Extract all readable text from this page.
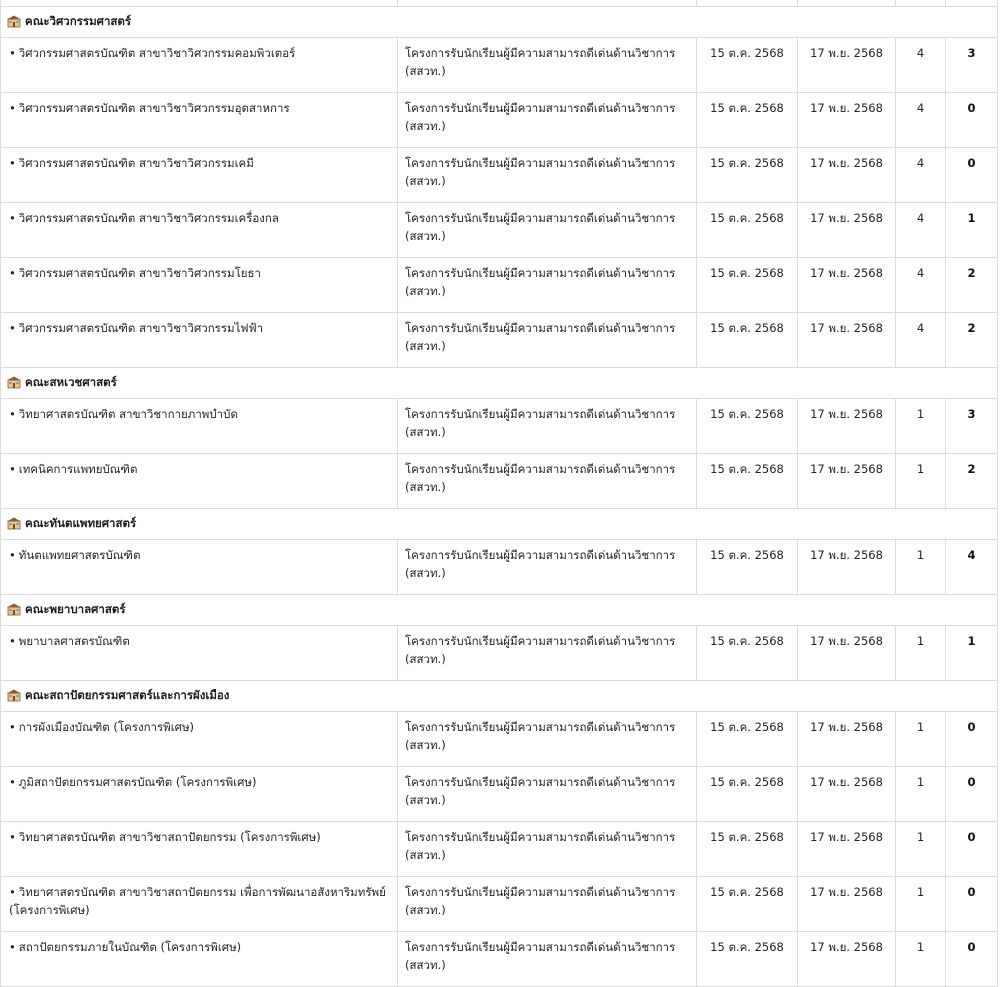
คณะวิศวกรรมศาสตร์					
• วิศวกรรมศาสตรบัณฑิต สาขาวิชาวิศวกรรมคอมพิวเตอร์	โครงการรับนักเรียนผู้มีความสามารถดีเด่นด้านวิชาการ (สสวท.)	15 ต.ค. 2568	17 พ.ย. 2568	4	3
• วิศวกรรมศาสตรบัณฑิต สาขาวิชาวิศวกรรมอุตสาหการ	โครงการรับนักเรียนผู้มีความสามารถดีเด่นด้านวิชาการ (สสวท.)	15 ต.ค. 2568	17 พ.ย. 2568	4	0
• วิศวกรรมศาสตรบัณฑิต สาขาวิชาวิศวกรรมเคมี	โครงการรับนักเรียนผู้มีความสามารถดีเด่นด้านวิชาการ (สสวท.)	15 ต.ค. 2568	17 พ.ย. 2568	4	0
• วิศวกรรมศาสตรบัณฑิต สาขาวิชาวิศวกรรมเครื่องกล	โครงการรับนักเรียนผู้มีความสามารถดีเด่นด้านวิชาการ (สสวท.)	15 ต.ค. 2568	17 พ.ย. 2568	4	1
• วิศวกรรมศาสตรบัณฑิต สาขาวิชาวิศวกรรมโยธา	โครงการรับนักเรียนผู้มีความสามารถดีเด่นด้านวิชาการ (สสวท.)	15 ต.ค. 2568	17 พ.ย. 2568	4	2
• วิศวกรรมศาสตรบัณฑิต สาขาวิชาวิศวกรรมไฟฟ้า	โครงการรับนักเรียนผู้มีความสามารถดีเด่นด้านวิชาการ (สสวท.)	15 ต.ค. 2568	17 พ.ย. 2568	4	2
คณะสหเวชศาสตร์					
• วิทยาศาสตรบัณฑิต สาขาวิชากายภาพบำบัด	โครงการรับนักเรียนผู้มีความสามารถดีเด่นด้านวิชาการ (สสวท.)	15 ต.ค. 2568	17 พ.ย. 2568	1	3
• เทคนิคการแพทยบัณฑิต	โครงการรับนักเรียนผู้มีความสามารถดีเด่นด้านวิชาการ (สสวท.)	15 ต.ค. 2568	17 พ.ย. 2568	1	2
คณะทันตแพทยศาสตร์					
• ทันตแพทยศาสตรบัณฑิต	โครงการรับนักเรียนผู้มีความสามารถดีเด่นด้านวิชาการ (สสวท.)	15 ต.ค. 2568	17 พ.ย. 2568	1	4
คณะพยาบาลศาสตร์					
• พยาบาลศาสตรบัณฑิต	โครงการรับนักเรียนผู้มีความสามารถดีเด่นด้านวิชาการ (สสวท.)	15 ต.ค. 2568	17 พ.ย. 2568	1	1
คณะสถาปัตยกรรมศาสตร์และการผังเมือง					
• การผังเมืองบัณฑิต (โครงการพิเศษ)	โครงการรับนักเรียนผู้มีความสามารถดีเด่นด้านวิชาการ (สสวท.)	15 ต.ค. 2568	17 พ.ย. 2568	1	0
• ภูมิสถาปัตยกรรมศาสตรบัณฑิต (โครงการพิเศษ)	โครงการรับนักเรียนผู้มีความสามารถดีเด่นด้านวิชาการ (สสวท.)	15 ต.ค. 2568	17 พ.ย. 2568	1	0
• วิทยาศาสตรบัณฑิต สาขาวิชาสถาปัตยกรรม (โครงการพิเศษ)	โครงการรับนักเรียนผู้มีความสามารถดีเด่นด้านวิชาการ (สสวท.)	15 ต.ค. 2568	17 พ.ย. 2568	1	0
• วิทยาศาสตรบัณฑิต สาขาวิชาสถาปัตยกรรม เพื่อการพัฒนาอสังหาริมทรัพย์ (โครงการพิเศษ)	โครงการรับนักเรียนผู้มีความสามารถดีเด่นด้านวิชาการ (สสวท.)	15 ต.ค. 2568	17 พ.ย. 2568	1	0
• สถาปัตยกรรมภายในบัณฑิต (โครงการพิเศษ)	โครงการรับนักเรียนผู้มีความสามารถดีเด่นด้านวิชาการ (สสวท.)	15 ต.ค. 2568	17 พ.ย. 2568	1	0
